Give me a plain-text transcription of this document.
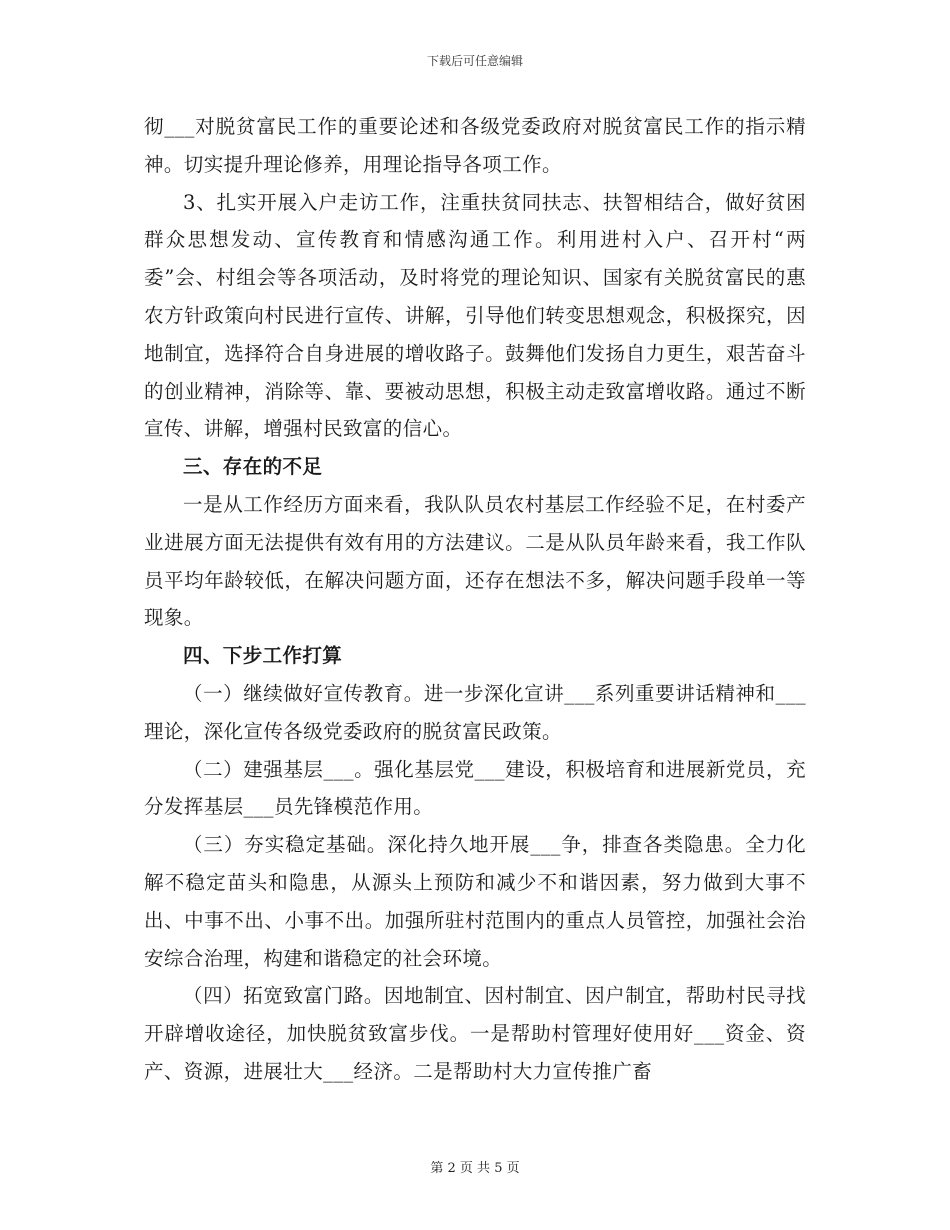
下载后可任意编辑

彻___对脱贫富民工作的重要论述和各级党委政府对脱贫富民工作的指示精神。切实提升理论修养，用理论指导各项工作。

3、扎实开展入户走访工作，注重扶贫同扶志、扶智相结合，做好贫困群众思想发动、宣传教育和情感沟通工作。利用进村入户、召开村“两委”会、村组会等各项活动，及时将党的理论知识、国家有关脱贫富民的惠农方针政策向村民进行宣传、讲解，引导他们转变思想观念，积极探究，因地制宜，选择符合自身进展的增收路子。鼓舞他们发扬自力更生，艰苦奋斗的创业精神，消除等、靠、要被动思想，积极主动走致富增收路。通过不断宣传、讲解，增强村民致富的信心。

三、存在的不足

一是从工作经历方面来看，我队队员农村基层工作经验不足，在村委产业进展方面无法提供有效有用的方法建议。二是从队员年龄来看，我工作队员平均年龄较低，在解决问题方面，还存在想法不多，解决问题手段单一等现象。

四、下步工作打算

（一）继续做好宣传教育。进一步深化宣讲___系列重要讲话精神和___理论，深化宣传各级党委政府的脱贫富民政策。

（二）建强基层___。强化基层党___建设，积极培育和进展新党员，充分发挥基层___员先锋模范作用。

（三）夯实稳定基础。深化持久地开展___争，排查各类隐患。全力化解不稳定苗头和隐患，从源头上预防和减少不和谐因素，努力做到大事不出、中事不出、小事不出。加强所驻村范围内的重点人员管控，加强社会治安综合治理，构建和谐稳定的社会环境。

（四）拓宽致富门路。因地制宜、因村制宜、因户制宜，帮助村民寻找开辟增收途径，加快脱贫致富步伐。一是帮助村管理好使用好___资金、资产、资源，进展壮大___经济。二是帮助村大力宣传推广畜

第 2 页 共 5 页
